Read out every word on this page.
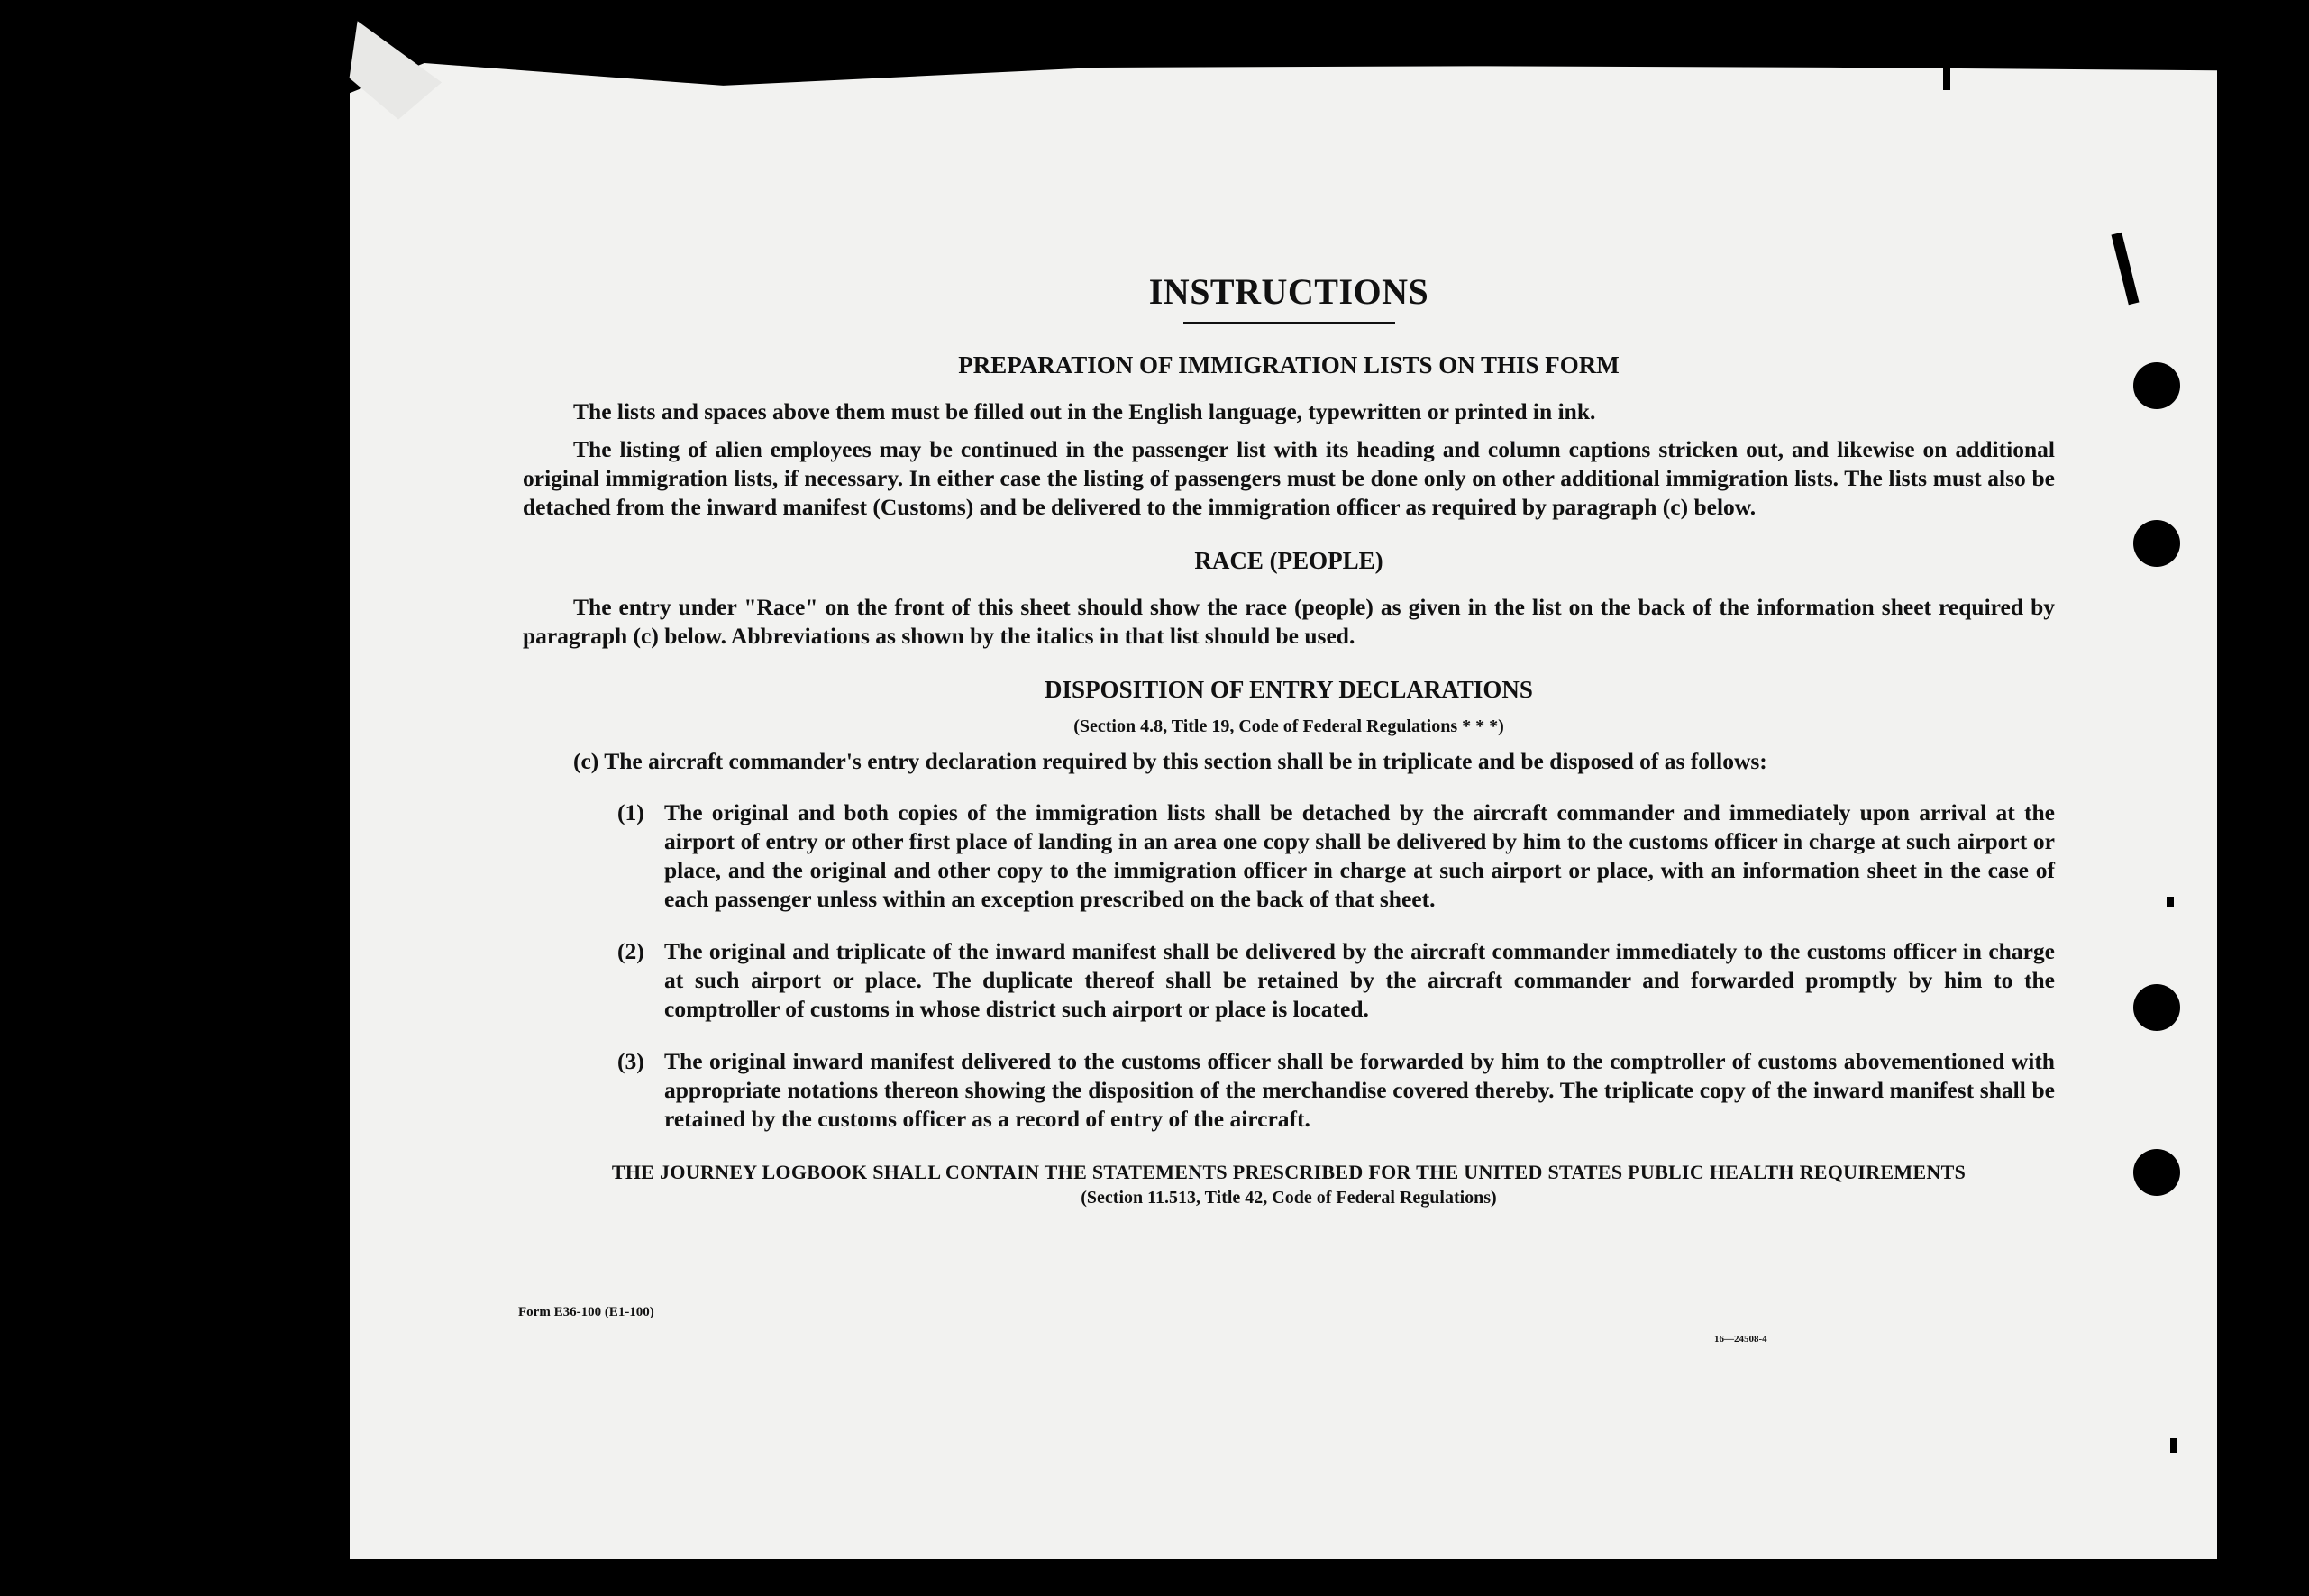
INSTRUCTIONS
PREPARATION OF IMMIGRATION LISTS ON THIS FORM

The lists and spaces above them must be filled out in the English language, typewritten or printed in ink.

The listing of alien employees may be continued in the passenger list with its heading and column captions stricken out, and likewise on additional original immigration lists, if necessary. In either case the listing of passengers must be done only on other additional immigration lists. The lists must also be detached from the inward manifest (Customs) and be delivered to the immigration officer as required by paragraph (c) below.

RACE (PEOPLE)

The entry under "Race" on the front of this sheet should show the race (people) as given in the list on the back of the information sheet required by paragraph (c) below. Abbreviations as shown by the italics in that list should be used.

DISPOSITION OF ENTRY DECLARATIONS
(Section 4.8, Title 19, Code of Federal Regulations * * *)
(c) The aircraft commander's entry declaration required by this section shall be in triplicate and be disposed of as follows:
(1) The original and both copies of the immigration lists shall be detached by the aircraft commander and immediately upon arrival at the airport of entry or other first place of landing in an area one copy shall be delivered by him to the customs officer in charge at such airport or place, and the original and other copy to the immigration officer in charge at such airport or place, with an information sheet in the case of each passenger unless within an exception prescribed on the back of that sheet.
(2) The original and triplicate of the inward manifest shall be delivered by the aircraft commander immediately to the customs officer in charge at such airport or place. The duplicate thereof shall be retained by the aircraft commander and forwarded promptly by him to the comptroller of customs in whose district such airport or place is located.
(3) The original inward manifest delivered to the customs officer shall be forwarded by him to the comptroller of customs abovementioned with appropriate notations thereon showing the disposition of the merchandise covered thereby. The triplicate copy of the inward manifest shall be retained by the customs officer as a record of entry of the aircraft.
THE JOURNEY LOGBOOK SHALL CONTAIN THE STATEMENTS PRESCRIBED FOR THE UNITED STATES PUBLIC HEALTH REQUIREMENTS
(Section 11.513, Title 42, Code of Federal Regulations)
Form E36-100 (E1-100)
16—24508-4
